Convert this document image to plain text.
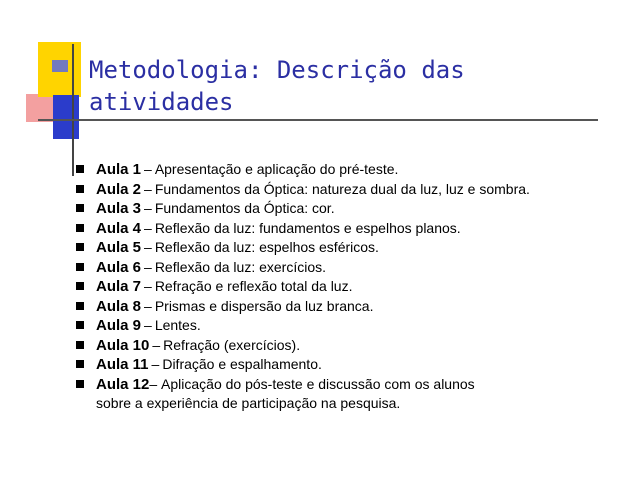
Metodologia: Descrição das
atividades
Aula 1 – Apresentação e aplicação do pré-teste.
Aula 2 – Fundamentos da Óptica: natureza dual da luz, luz e sombra.
Aula 3 – Fundamentos da Óptica: cor.
Aula 4 – Reflexão da luz: fundamentos e espelhos planos.
Aula 5 – Reflexão da luz: espelhos esféricos.
Aula 6 – Reflexão da luz: exercícios.
Aula 7 – Refração e reflexão total da luz.
Aula 8 – Prismas e dispersão da luz branca.
Aula 9 – Lentes.
Aula 10 – Refração (exercícios).
Aula 11 – Difração e espalhamento.
Aula 12– Aplicação do pós-teste e discussão com os alunos
sobre a experiência de participação na pesquisa.
